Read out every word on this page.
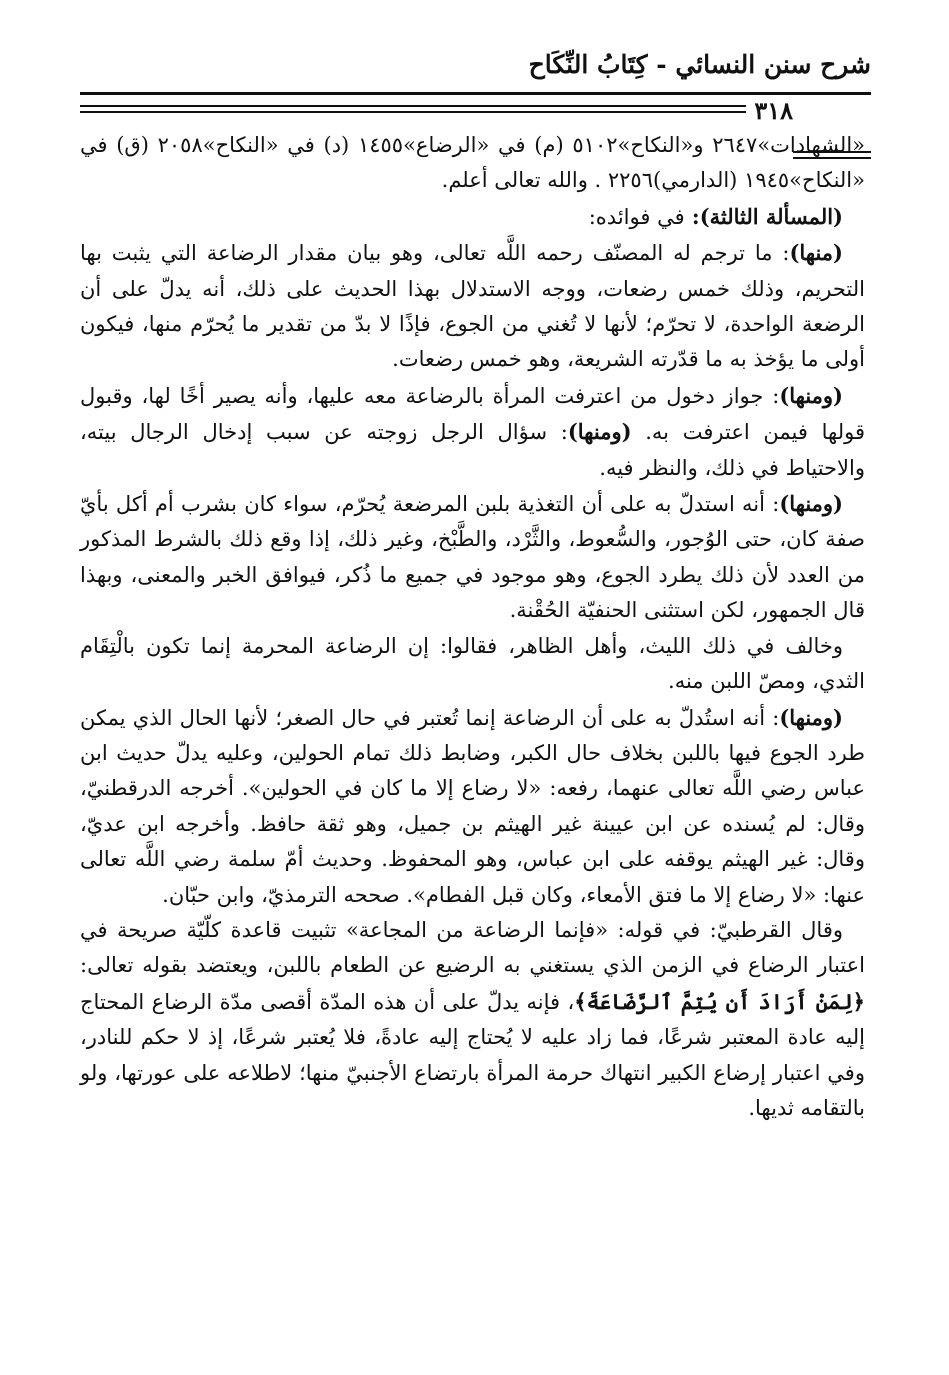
شرح سنن النسائي - كِتَابُ النِّكَاح
٣١٨

«الشهادات»٢٦٤٧ و«النكاح»٥١٠٢ (م) في «الرضاع»١٤٥٥ (د) في «النكاح»٢٠٥٨ (ق) في «النكاح»١٩٤٥ (الدارمي)٢٢٥٦ . والله تعالى أعلم.

(المسألة الثالثة): في فوائده:

(منها): ما ترجم له المصنّف رحمه اللَّه تعالى، وهو بيان مقدار الرضاعة التي يثبت بها التحريم، وذلك خمس رضعات، ووجه الاستدلال بهذا الحديث على ذلك، أنه يدلّ على أن الرضعة الواحدة، لا تحرّم؛ لأنها لا تُغني من الجوع، فإذًا لا بدّ من تقدير ما يُحرّم منها، فيكون أولى ما يؤخذ به ما قدّرته الشريعة، وهو خمس رضعات.

(ومنها): جواز دخول من اعترفت المرأة بالرضاعة معه عليها، وأنه يصير أخًا لها، وقبول قولها فيمن اعترفت به. (ومنها): سؤال الرجل زوجته عن سبب إدخال الرجال بيته، والاحتياط في ذلك، والنظر فيه.

(ومنها): أنه استدلّ به على أن التغذية بلبن المرضعة يُحرّم، سواء كان بشرب أم أكل بأيّ صفة كان، حتى الوُجور، والسُّعوط، والثَّرْد، والطَّبْخ، وغير ذلك، إذا وقع ذلك بالشرط المذكور من العدد لأن ذلك يطرد الجوع، وهو موجود في جميع ما ذُكر، فيوافق الخبر والمعنى، وبهذا قال الجمهور، لكن استثنى الحنفيّة الحُقْنة.

وخالف في ذلك الليث، وأهل الظاهر، فقالوا: إن الرضاعة المحرمة إنما تكون بالْتِقَام الثدي، ومصّ اللبن منه.

(ومنها): أنه استُدلّ به على أن الرضاعة إنما تُعتبر في حال الصغر؛ لأنها الحال الذي يمكن طرد الجوع فيها باللبن بخلاف حال الكبر، وضابط ذلك تمام الحولين، وعليه يدلّ حديث ابن عباس رضي اللَّه تعالى عنهما، رفعه: «لا رضاع إلا ما كان في الحولين». أخرجه الدرقطنيّ، وقال: لم يُسنده عن ابن عيينة غير الهيثم بن جميل، وهو ثقة حافظ. وأخرجه ابن عديّ، وقال: غير الهيثم يوقفه على ابن عباس، وهو المحفوظ. وحديث أمّ سلمة رضي اللَّه تعالى عنها: «لا رضاع إلا ما فتق الأمعاء، وكان قبل الفطام». صححه الترمذيّ، وابن حبّان.

وقال القرطبيّ: في قوله: «فإنما الرضاعة من المجاعة» تثبيت قاعدة كلّيّة صريحة في اعتبار الرضاع في الزمن الذي يستغني به الرضيع عن الطعام باللبن، ويعتضد بقوله تعالى: ﴿لِمَنْ أَرَادَ أَن يُتِمَّ ٱلرَّضَاعَةَ﴾، فإنه يدلّ على أن هذه المدّة أقصى مدّة الرضاع المحتاج إليه عادة المعتبر شرعًا، فما زاد عليه لا يُحتاج إليه عادةً، فلا يُعتبر شرعًا، إذ لا حكم للنادر، وفي اعتبار إرضاع الكبير انتهاك حرمة المرأة بارتضاع الأجنبيّ منها؛ لاطلاعه على عورتها، ولو بالتقامه ثديها.
